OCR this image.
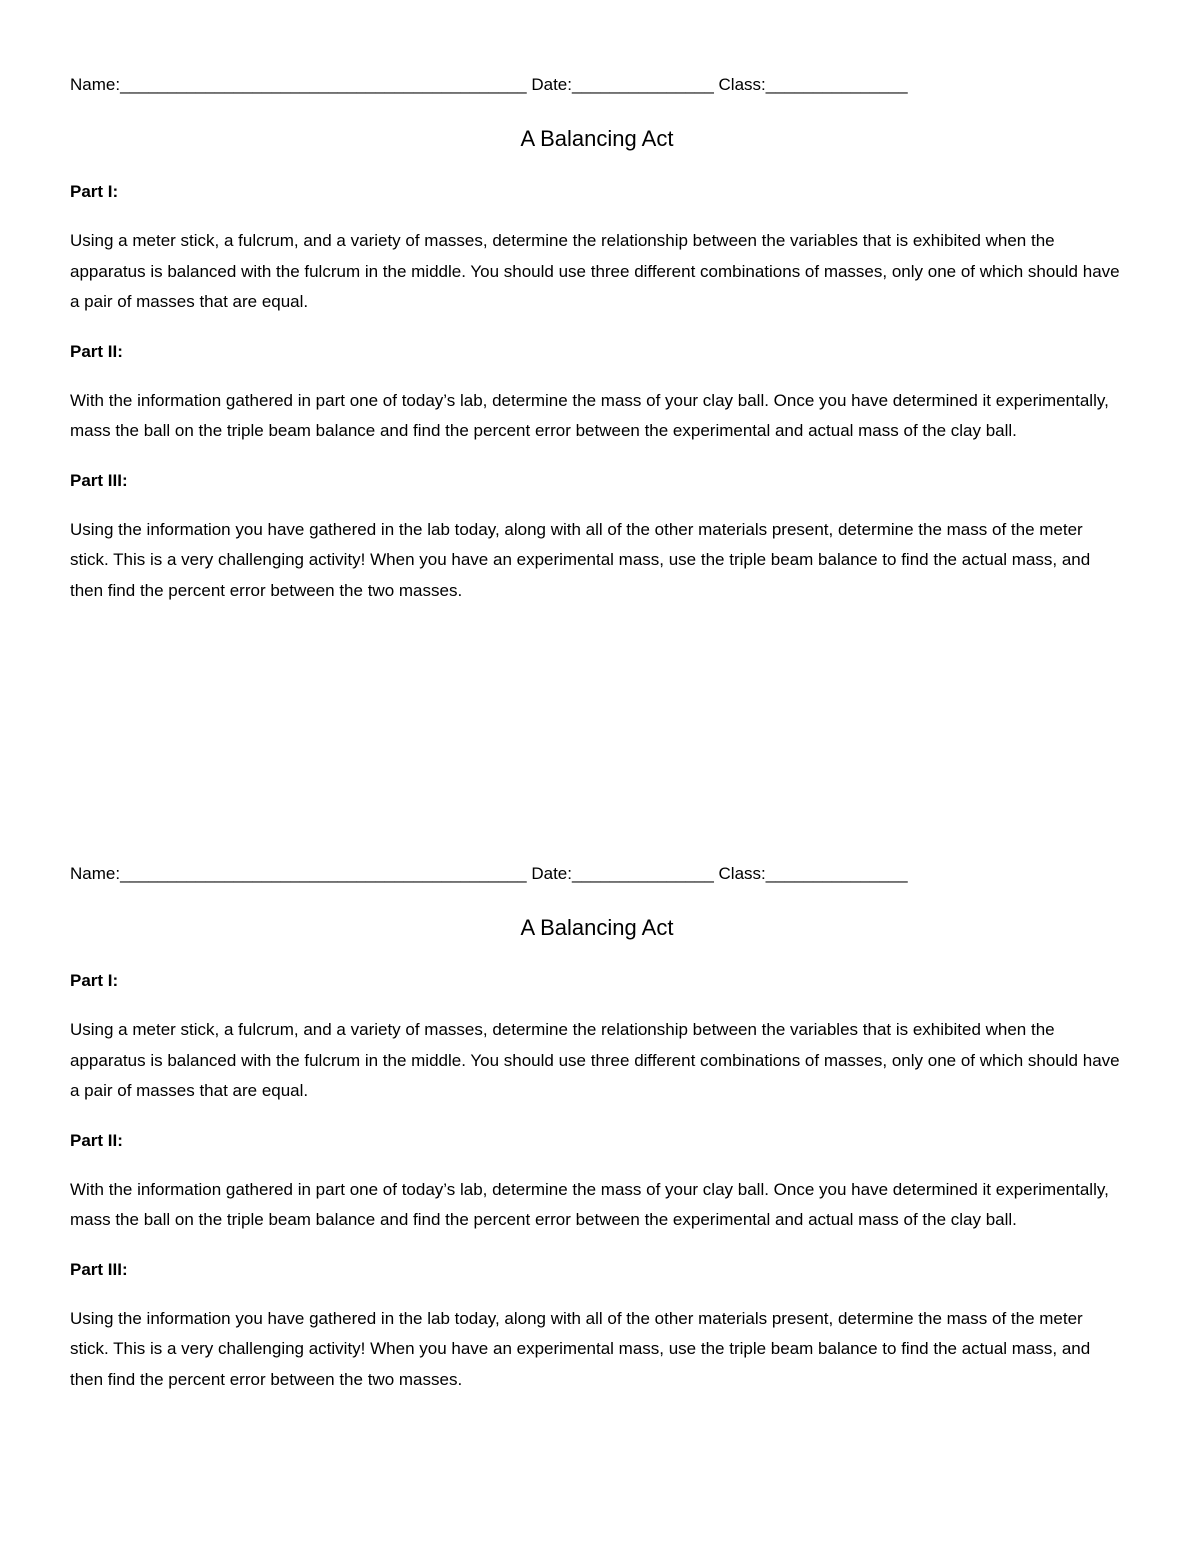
Name:___________________________________________ Date:_______________ Class:_______________
A Balancing Act
Part I:
Using a meter stick, a fulcrum, and a variety of masses, determine the relationship between the variables that is exhibited when the apparatus is balanced with the fulcrum in the middle. You should use three different combinations of masses, only one of which should have a pair of masses that are equal.
Part II:
With the information gathered in part one of today’s lab, determine the mass of your clay ball. Once you have determined it experimentally, mass the ball on the triple beam balance and find the percent error between the experimental and actual mass of the clay ball.
Part III:
Using the information you have gathered in the lab today, along with all of the other materials present, determine the mass of the meter stick. This is a very challenging activity! When you have an experimental mass, use the triple beam balance to find the actual mass, and then find the percent error between the two masses.
Name:___________________________________________ Date:_______________ Class:_______________
A Balancing Act
Part I:
Using a meter stick, a fulcrum, and a variety of masses, determine the relationship between the variables that is exhibited when the apparatus is balanced with the fulcrum in the middle. You should use three different combinations of masses, only one of which should have a pair of masses that are equal.
Part II:
With the information gathered in part one of today’s lab, determine the mass of your clay ball. Once you have determined it experimentally, mass the ball on the triple beam balance and find the percent error between the experimental and actual mass of the clay ball.
Part III:
Using the information you have gathered in the lab today, along with all of the other materials present, determine the mass of the meter stick. This is a very challenging activity! When you have an experimental mass, use the triple beam balance to find the actual mass, and then find the percent error between the two masses.
